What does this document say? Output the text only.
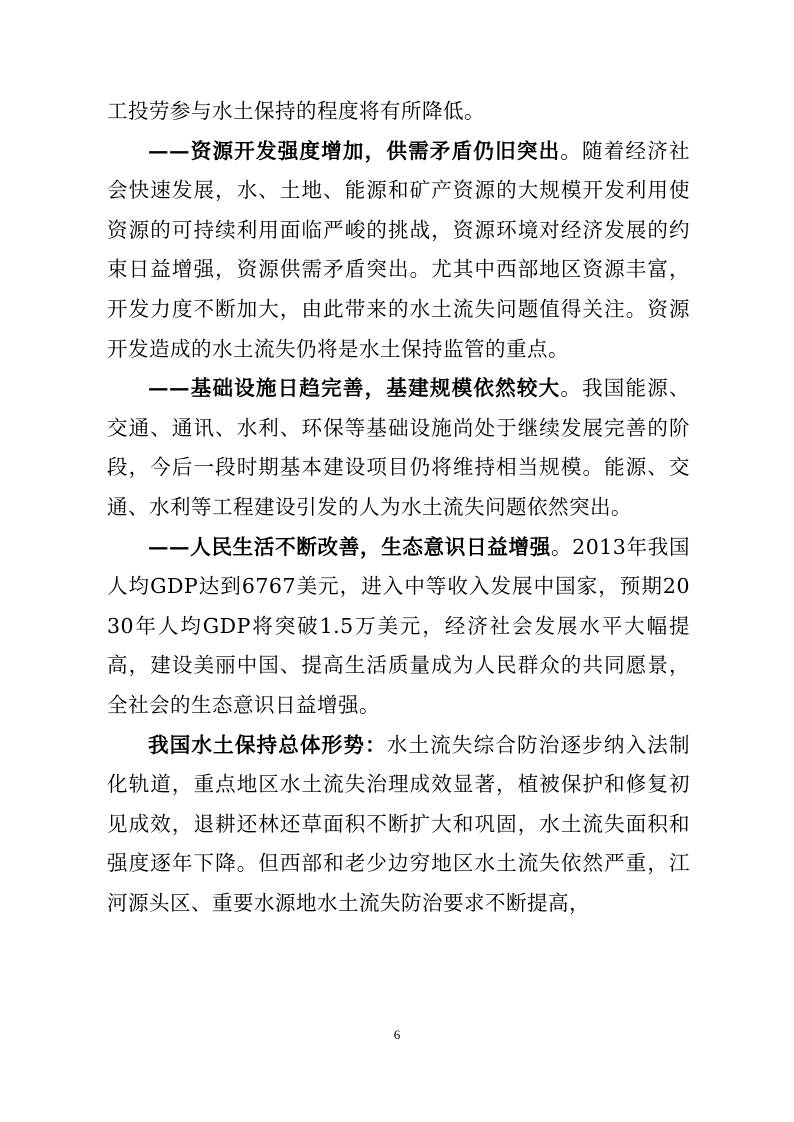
工投劳参与水土保持的程度将有所降低。

——资源开发强度增加，供需矛盾仍旧突出。随着经济社会快速发展，水、土地、能源和矿产资源的大规模开发利用使资源的可持续利用面临严峻的挑战，资源环境对经济发展的约束日益增强，资源供需矛盾突出。尤其中西部地区资源丰富，开发力度不断加大，由此带来的水土流失问题值得关注。资源开发造成的水土流失仍将是水土保持监管的重点。

——基础设施日趋完善，基建规模依然较大。我国能源、交通、通讯、水利、环保等基础设施尚处于继续发展完善的阶段，今后一段时期基本建设项目仍将维持相当规模。能源、交通、水利等工程建设引发的人为水土流失问题依然突出。

——人民生活不断改善，生态意识日益增强。2013年我国人均GDP达到6767美元，进入中等收入发展中国家，预期2030年人均GDP将突破1.5万美元，经济社会发展水平大幅提高，建设美丽中国、提高生活质量成为人民群众的共同愿景，全社会的生态意识日益增强。

我国水土保持总体形势：水土流失综合防治逐步纳入法制化轨道，重点地区水土流失治理成效显著，植被保护和修复初见成效，退耕还林还草面积不断扩大和巩固，水土流失面积和强度逐年下降。但西部和老少边穷地区水土流失依然严重，江河源头区、重要水源地水土流失防治要求不断提高，

6
